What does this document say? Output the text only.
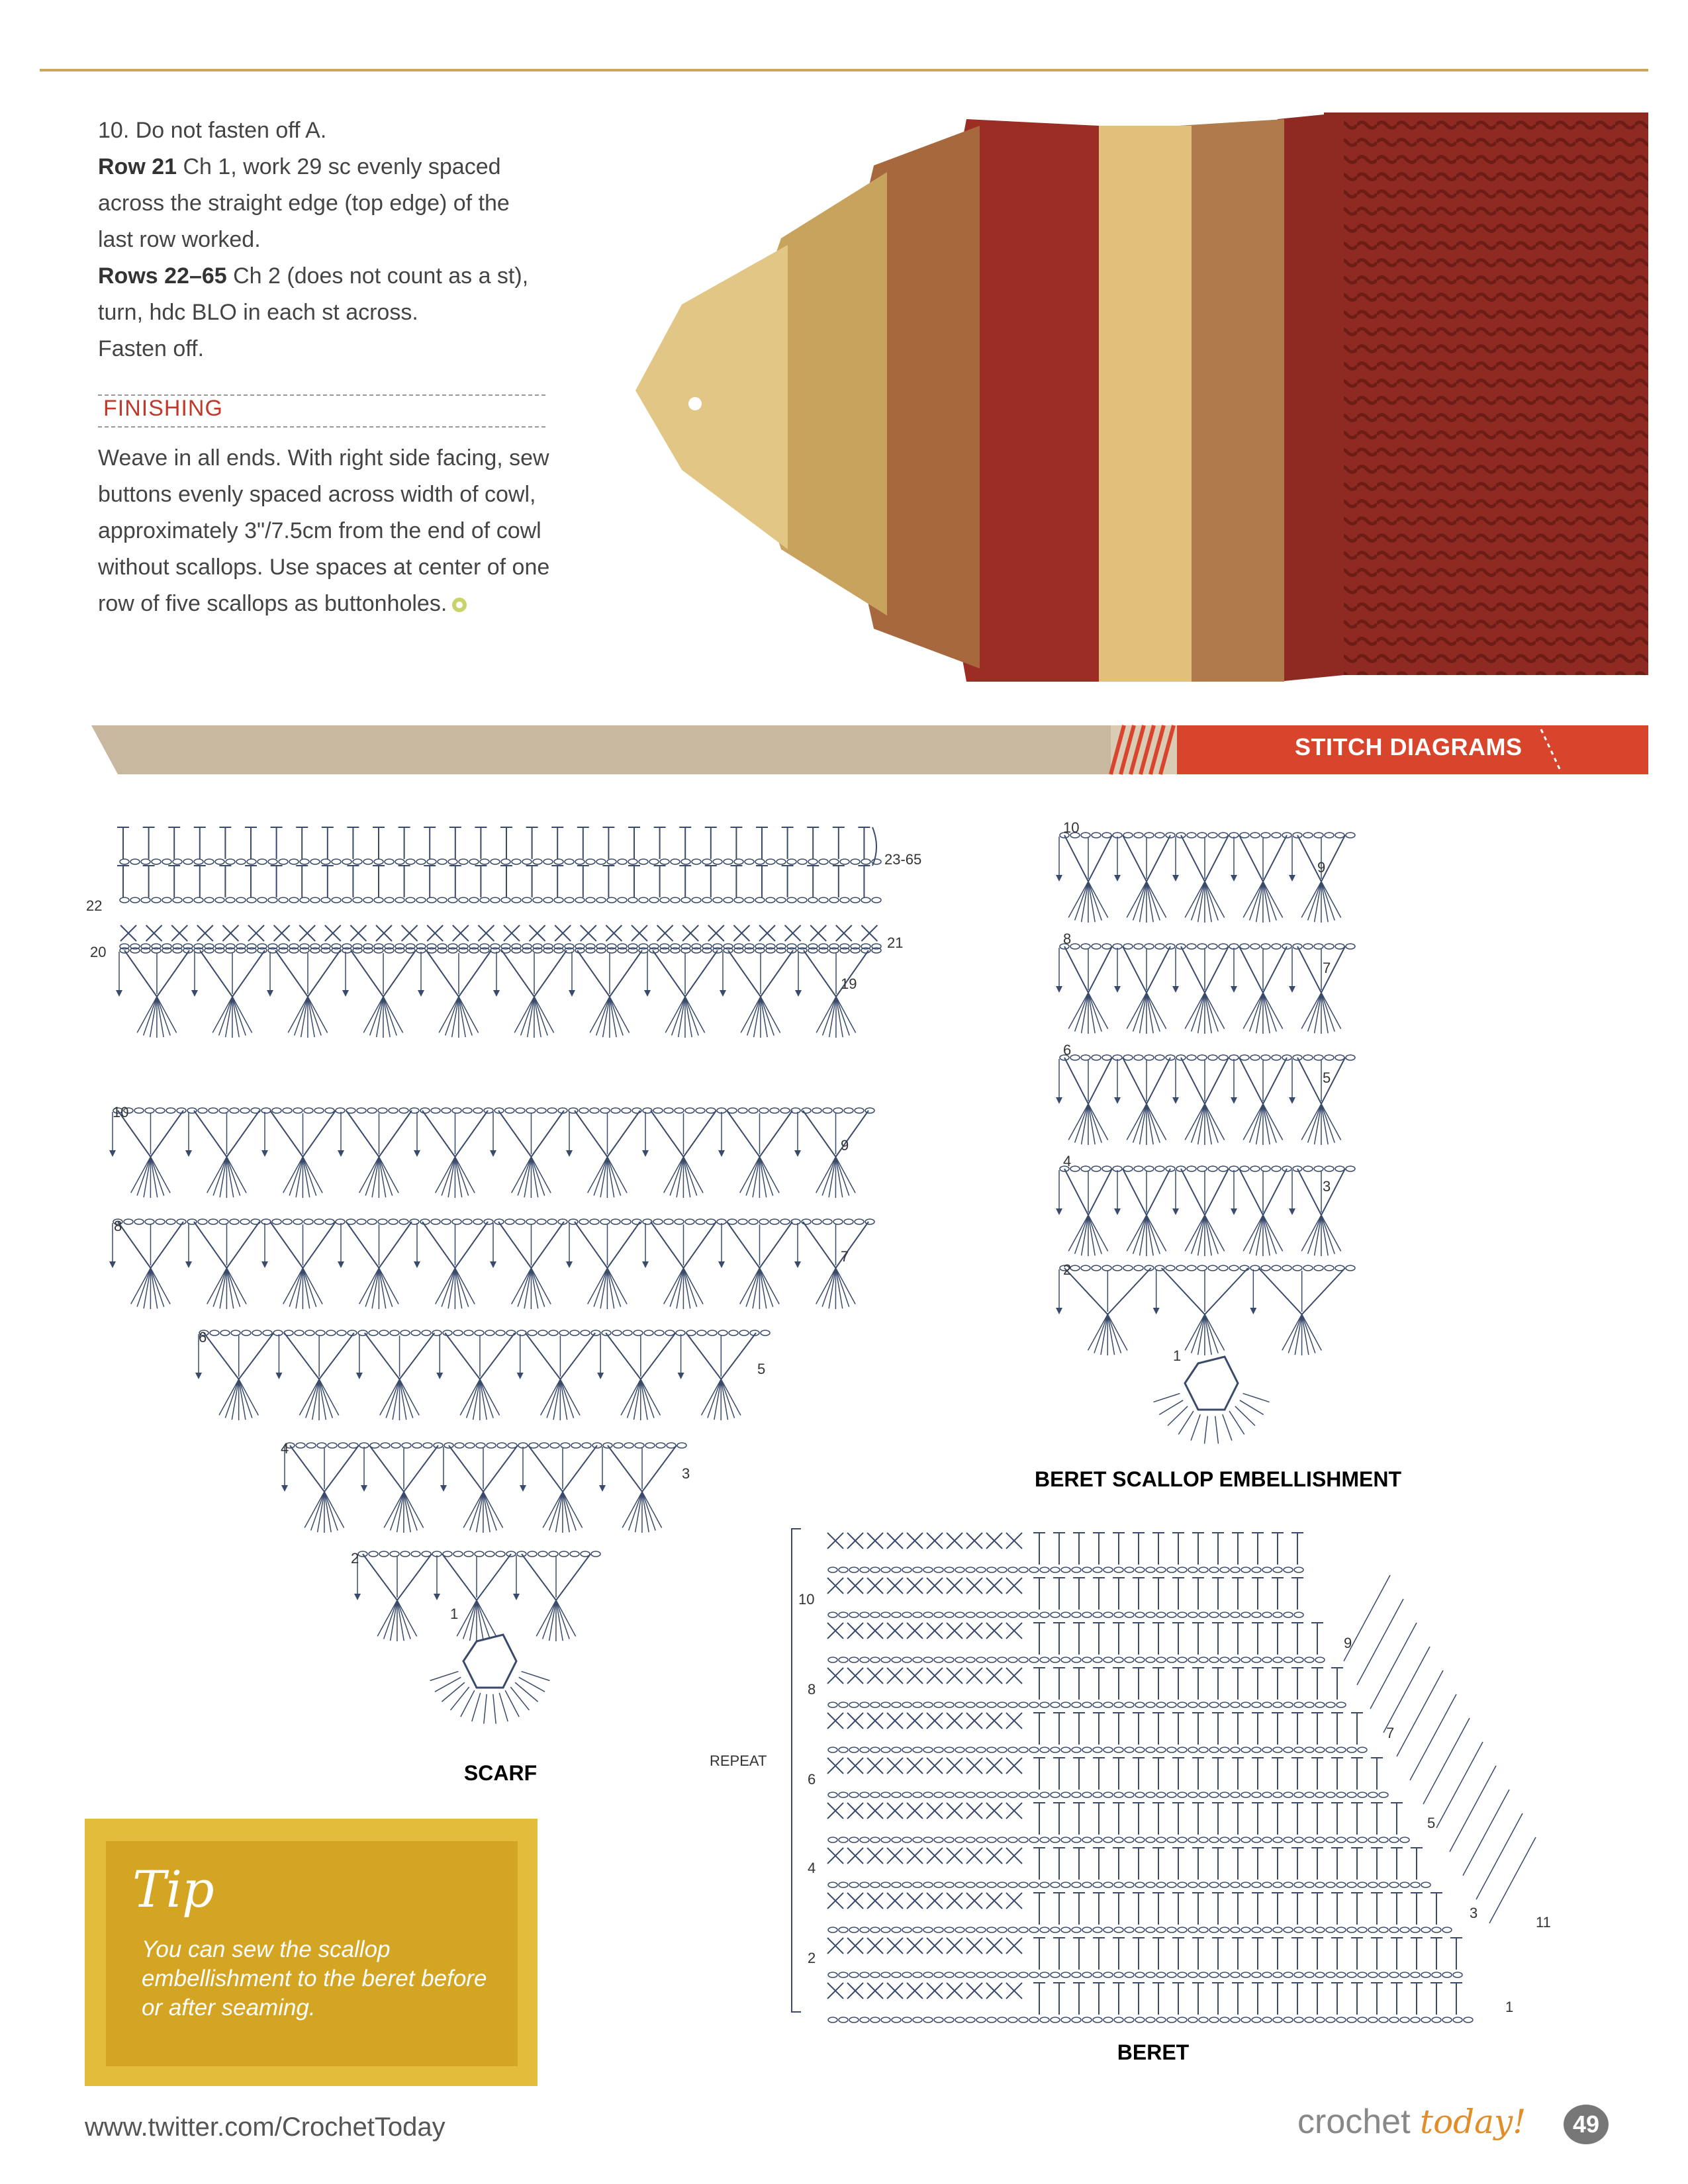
10. Do not fasten off A.

Row 21 Ch 1, work 29 sc evenly spaced across the straight edge (top edge) of the last row worked.

Rows 22–65 Ch 2 (does not count as a st), turn, hdc BLO in each st across.

Fasten off.

FINISHING
Weave in all ends. With right side facing, sew buttons evenly spaced across width of cowl, approximately 3"/7.5cm from the end of cowl without scallops. Use spaces at center of one row of five scallops as buttonholes.
STITCH DIAGRAMS
23-65
22
21
20
19
10
9
8
7
6
5
4
3
2
1
10
9
8
7
6
5
4
3
2
1
10
9
8
7
6
5
4
3
2
1
11
REPEAT
SCARF
BERET SCALLOP EMBELLISHMENT
BERET
Tip
You can sew the scallop embellishment to the beret before or after seaming.
www.twitter.com/CrochetToday	crochet today!	49
